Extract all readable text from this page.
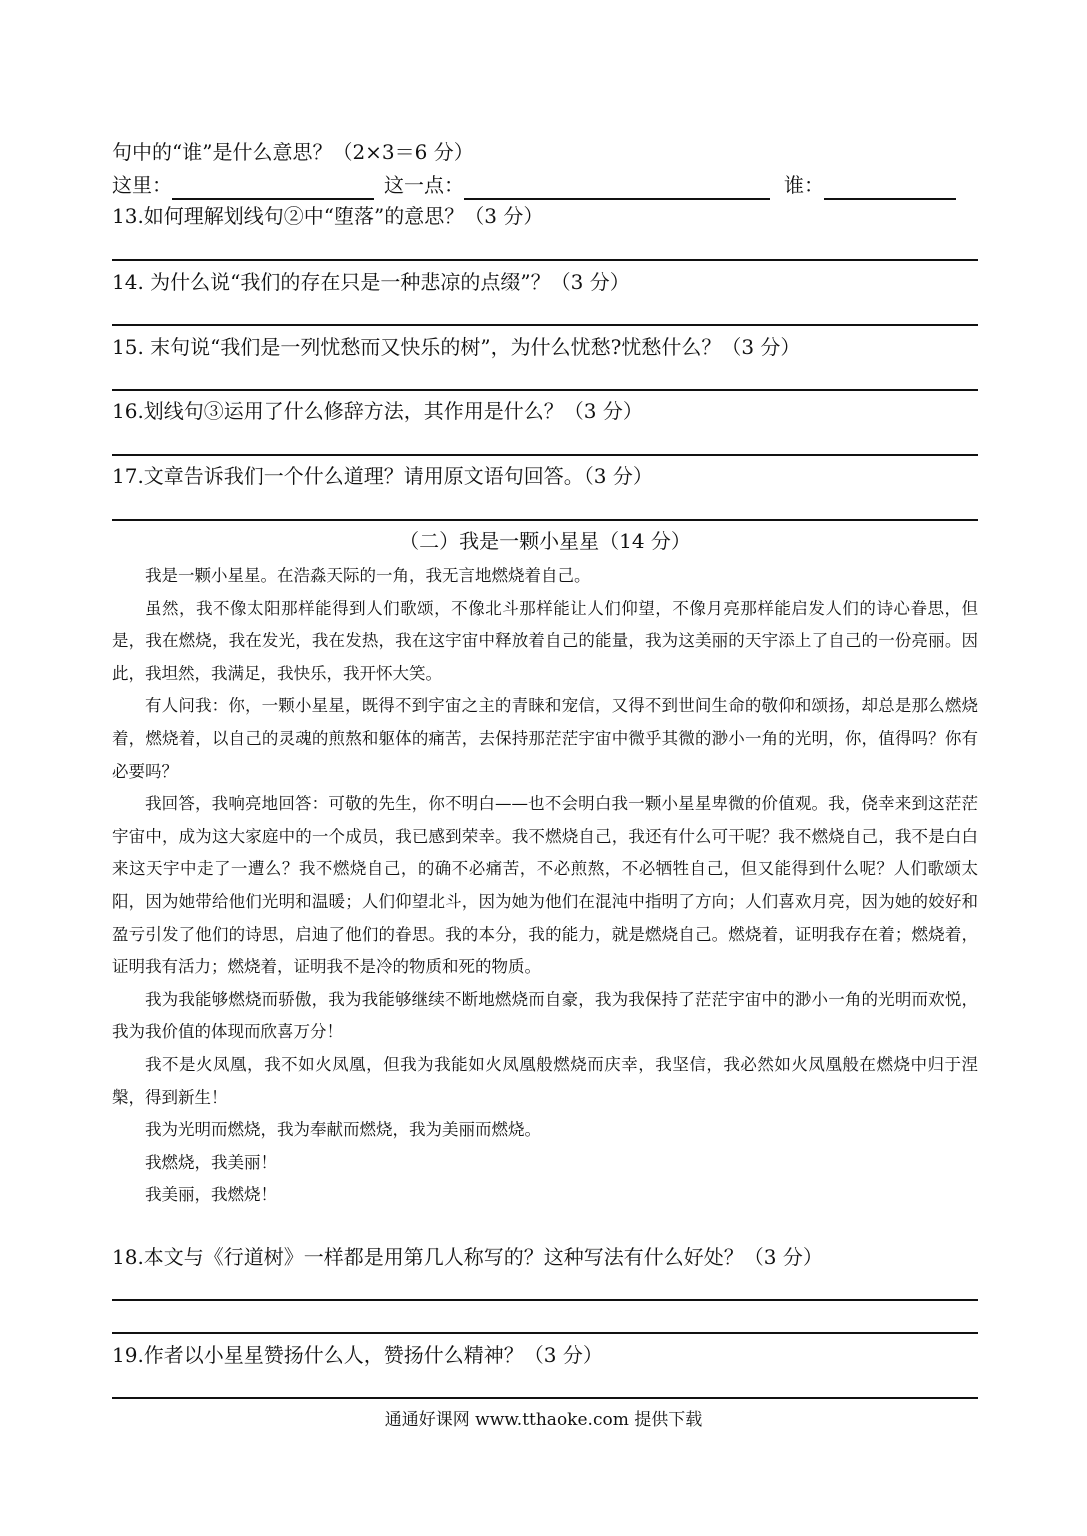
句中的“谁”是什么意思？（2×3＝6 分）
这里：	这一点：	谁：
13.如何理解划线句②中“堕落”的意思？（3 分）
14. 为什么说“我们的存在只是一种悲凉的点缀”？（3 分）
15. 末句说“我们是一列忧愁而又快乐的树”，为什么忧愁?忧愁什么？（3 分）
16.划线句③运用了什么修辞方法，其作用是什么？（3 分）
17.文章告诉我们一个什么道理？请用原文语句回答。（3 分）
（二）我是一颗小星星（14 分）

我是一颗小星星。在浩淼天际的一角，我无言地燃烧着自己。

虽然，我不像太阳那样能得到人们歌颂，不像北斗那样能让人们仰望，不像月亮那样能启发人们的诗心眷思，但是，我在燃烧，我在发光，我在发热，我在这宇宙中释放着自己的能量，我为这美丽的天宇添上了自己的一份亮丽。因此，我坦然，我满足，我快乐，我开怀大笑。

有人问我：你，一颗小星星，既得不到宇宙之主的青睐和宠信，又得不到世间生命的敬仰和颂扬，却总是那么燃烧着，燃烧着，以自己的灵魂的煎熬和躯体的痛苦，去保持那茫茫宇宙中微乎其微的渺小一角的光明，你，值得吗？你有必要吗？

我回答，我响亮地回答：可敬的先生，你不明白——也不会明白我一颗小星星卑微的价值观。我，侥幸来到这茫茫宇宙中，成为这大家庭中的一个成员，我已感到荣幸。我不燃烧自己，我还有什么可干呢？我不燃烧自己，我不是白白来这天宇中走了一遭么？我不燃烧自己，的确不必痛苦，不必煎熬，不必牺牲自己，但又能得到什么呢？人们歌颂太阳，因为她带给他们光明和温暖；人们仰望北斗，因为她为他们在混沌中指明了方向；人们喜欢月亮，因为她的姣好和盈亏引发了他们的诗思，启迪了他们的眷思。我的本分，我的能力，就是燃烧自己。燃烧着，证明我存在着；燃烧着，证明我有活力；燃烧着，证明我不是冷的物质和死的物质。

我为我能够燃烧而骄傲，我为我能够继续不断地燃烧而自豪，我为我保持了茫茫宇宙中的渺小一角的光明而欢悦，我为我价值的体现而欣喜万分！

我不是火凤凰，我不如火凤凰，但我为我能如火凤凰般燃烧而庆幸，我坚信，我必然如火凤凰般在燃烧中归于涅槃，得到新生！

我为光明而燃烧，我为奉献而燃烧，我为美丽而燃烧。

我燃烧，我美丽！

我美丽，我燃烧！

18.本文与《行道树》一样都是用第几人称写的？这种写法有什么好处？（3 分）
19.作者以小星星赞扬什么人，赞扬什么精神？（3 分）
通通好课网 www.tthaoke.com 提供下载
